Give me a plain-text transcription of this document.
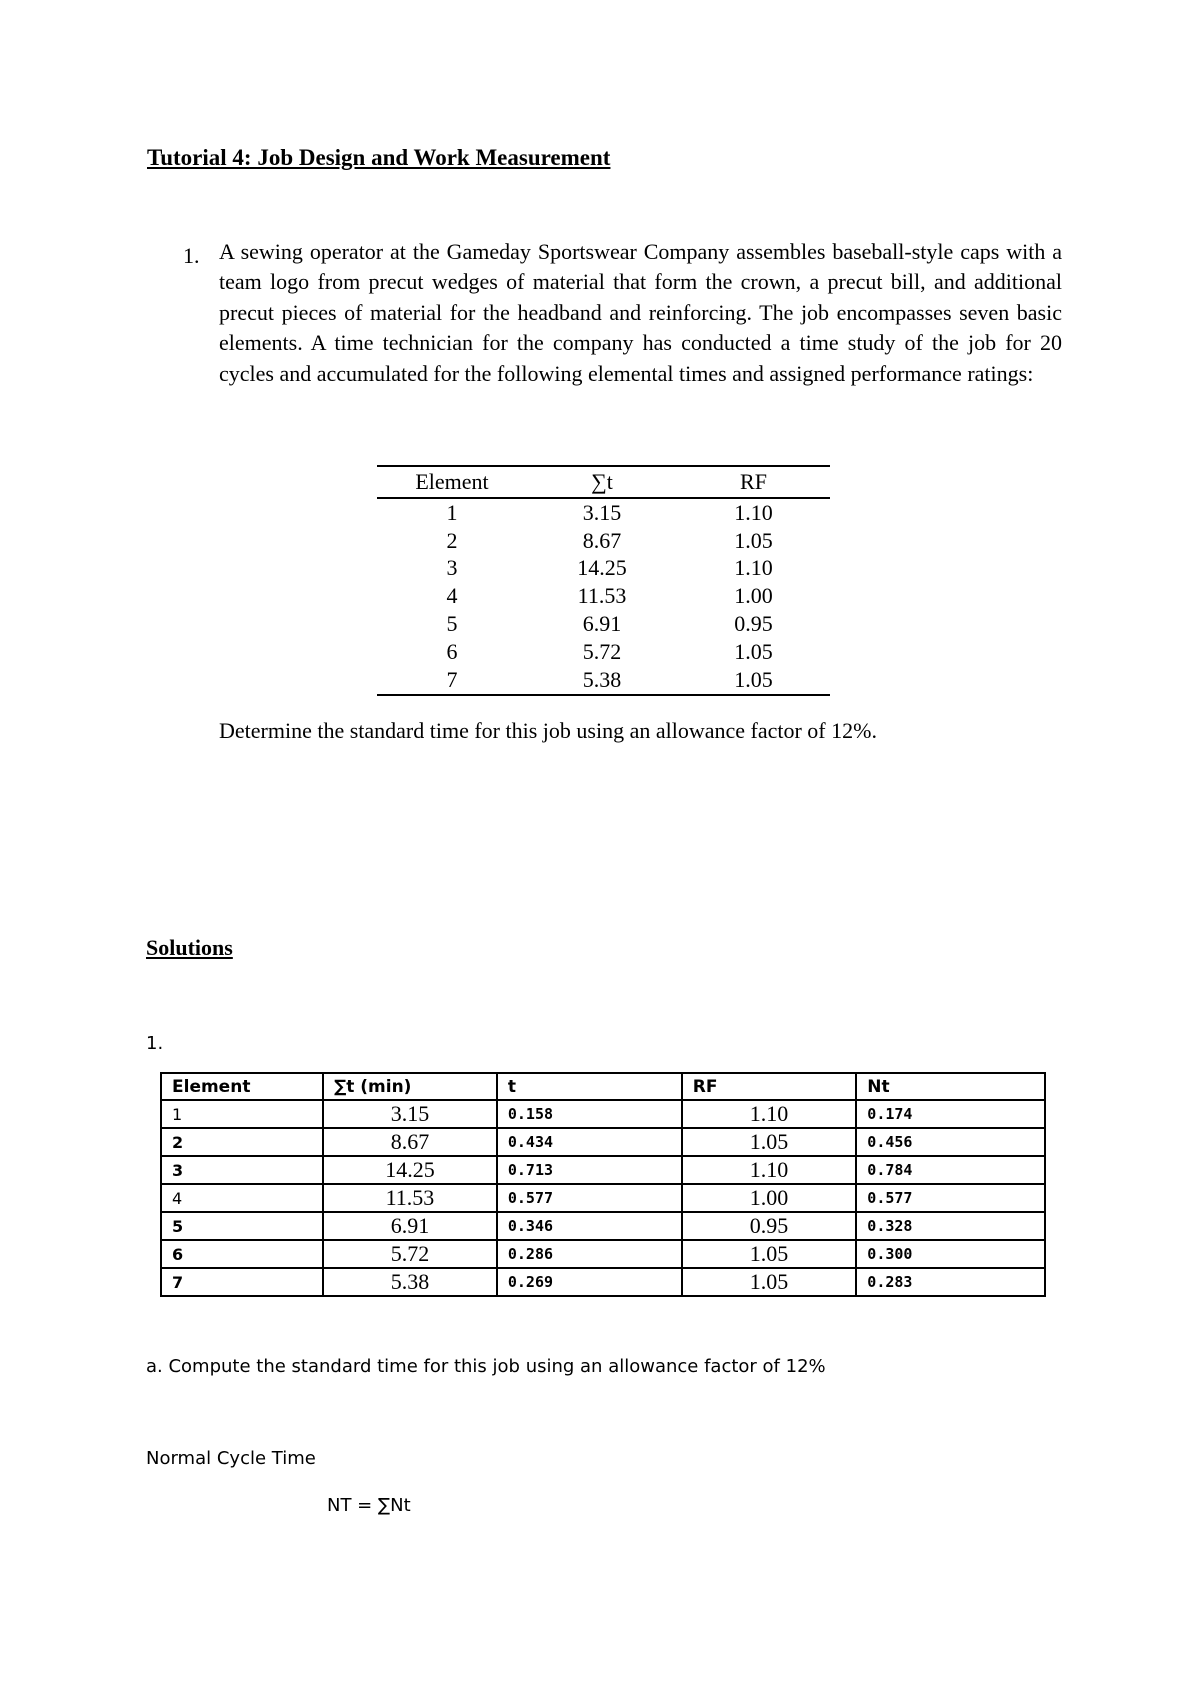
Tutorial 4: Job Design and Work Measurement
1. A sewing operator at the Gameday Sportswear Company assembles baseball-style caps with a team logo from precut wedges of material that form the crown, a precut bill, and additional precut pieces of material for the headband and reinforcing. The job encompasses seven basic elements. A time technician for the company has conducted a time study of the job for 20 cycles and accumulated for the following elemental times and assigned performance ratings:
Element	∑t	RF
1	3.15	1.10
2	8.67	1.05
3	14.25	1.10
4	11.53	1.00
5	6.91	0.95
6	5.72	1.05
7	5.38	1.05
Determine the standard time for this job using an allowance factor of 12%.
Solutions
1.
Element	∑t (min)	t	RF	Nt
1	3.15	0.158	1.10	0.174
2	8.67	0.434	1.05	0.456
3	14.25	0.713	1.10	0.784
4	11.53	0.577	1.00	0.577
5	6.91	0.346	0.95	0.328
6	5.72	0.286	1.05	0.300
7	5.38	0.269	1.05	0.283
a. Compute the standard time for this job using an allowance factor of 12%
Normal Cycle Time
NT = ∑Nt
